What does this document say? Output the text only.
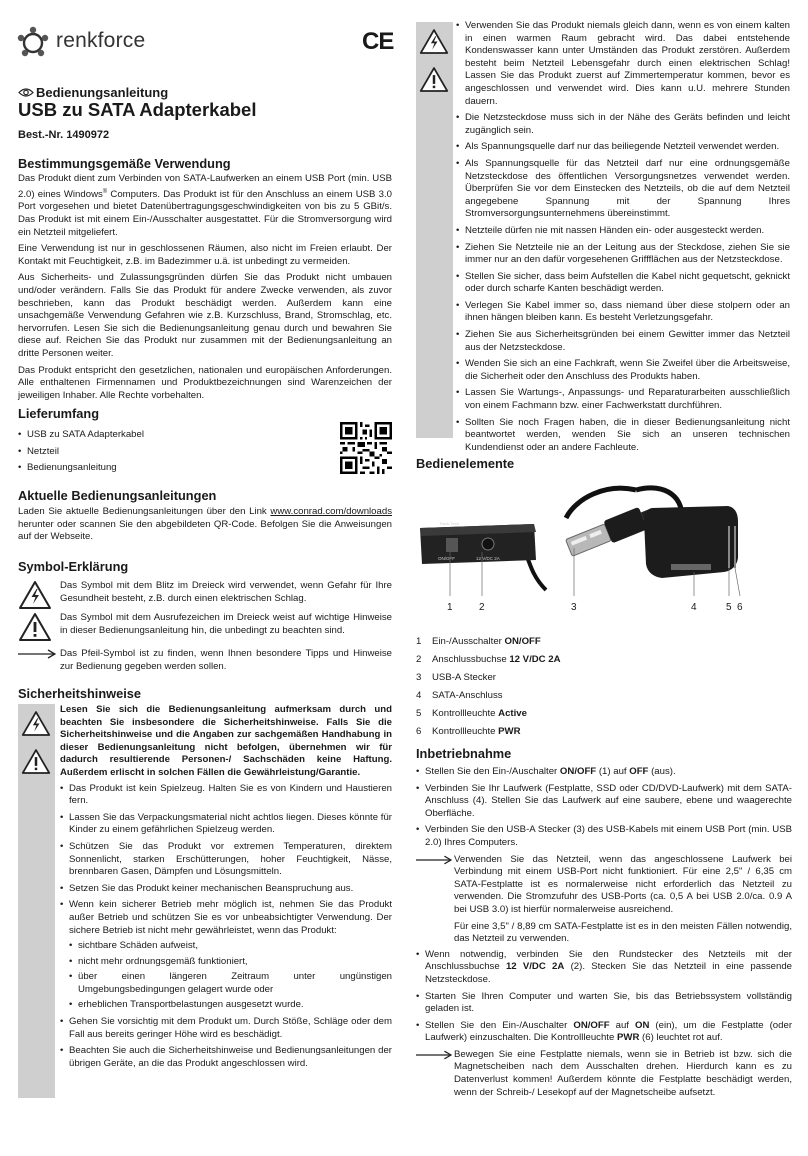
renkforce	CE
Bedienungsanleitung
USB zu SATA Adapterkabel
Best.-Nr. 1490972
Bestimmungsgemäße Verwendung

Das Produkt dient zum Verbinden von SATA-Laufwerken an einem USB Port (min. USB 2.0) eines Windows® Computers. Das Produkt ist für den Anschluss an einem USB 3.0 Port vorgesehen und bietet Datenübertragungsgeschwindigkeiten von bis zu 5 GBit/s. Das Produkt ist mit einem Ein-/Ausschalter ausgestattet. Für die Stromversorgung wird ein Netzteil mitgeliefert.

Eine Verwendung ist nur in geschlossenen Räumen, also nicht im Freien erlaubt. Der Kontakt mit Feuchtigkeit, z.B. im Badezimmer u.ä. ist unbedingt zu vermeiden.

Aus Sicherheits- und Zulassungsgründen dürfen Sie das Produkt nicht umbauen und/oder verändern. Falls Sie das Produkt für andere Zwecke verwenden, als zuvor beschrieben, kann das Produkt beschädigt werden. Außerdem kann eine unsachgemäße Verwendung Gefahren wie z.B. Kurzschluss, Brand, Stromschlag, etc. hervorrufen. Lesen Sie sich die Bedienungsanleitung genau durch und bewahren Sie diese auf. Reichen Sie das Produkt nur zusammen mit der Bedienungsanleitung an dritte Personen weiter.

Das Produkt entspricht den gesetzlichen, nationalen und europäischen Anforderungen. Alle enthaltenen Firmennamen und Produktbezeichnungen sind Warenzeichen der jeweiligen Inhaber. Alle Rechte vorbehalten.

Lieferumfang
• USB zu SATA Adapterkabel
• Netzteil
• Bedienungsanleitung
Aktuelle Bedienungsanleitungen

Laden Sie aktuelle Bedienungsanleitungen über den Link www.conrad.com/downloads herunter oder scannen Sie den abgebildeten QR-Code. Befolgen Sie die Anweisungen auf der Webseite.

Symbol-Erklärung

Das Symbol mit dem Blitz im Dreieck wird verwendet, wenn Gefahr für Ihre Gesundheit besteht, z.B. durch einen elektrischen Schlag.

Das Symbol mit dem Ausrufezeichen im Dreieck weist auf wichtige Hinweise in dieser Bedienungsanleitung hin, die unbedingt zu beachten sind.

Das Pfeil-Symbol ist zu finden, wenn Ihnen besondere Tipps und Hinweise zur Bedienung gegeben werden sollen.

Sicherheitshinweise

Lesen Sie sich die Bedienungsanleitung aufmerksam durch und beachten Sie insbesondere die Sicherheitshinweise. Falls Sie die Sicherheitshinweise und die Angaben zur sachgemäßen Handhabung in dieser Bedienungsanleitung nicht befolgen, übernehmen wir für dadurch resultierende Personen-/ Sachschäden keine Haftung. Außerdem erlischt in solchen Fällen die Gewährleistung/Garantie.

• Das Produkt ist kein Spielzeug. Halten Sie es von Kindern und Haustieren fern.
• Lassen Sie das Verpackungsmaterial nicht achtlos liegen. Dieses könnte für Kinder zu einem gefährlichen Spielzeug werden.
• Schützen Sie das Produkt vor extremen Temperaturen, direktem Sonnenlicht, starken Erschütterungen, hoher Feuchtigkeit, Nässe, brennbaren Gasen, Dämpfen und Lösungsmitteln.
• Setzen Sie das Produkt keiner mechanischen Beanspruchung aus.
• Wenn kein sicherer Betrieb mehr möglich ist, nehmen Sie das Produkt außer Betrieb und schützen Sie es vor unbeabsichtigter Verwendung. Der sichere Betrieb ist nicht mehr gewährleistet, wenn das Produkt:
• sichtbare Schäden aufweist,
• nicht mehr ordnungsgemäß funktioniert,
• über einen längeren Zeitraum unter ungünstigen Umgebungsbedingungen gelagert wurde oder
• erheblichen Transportbelastungen ausgesetzt wurde.
• Gehen Sie vorsichtig mit dem Produkt um. Durch Stöße, Schläge oder dem Fall aus bereits geringer Höhe wird es beschädigt.
• Beachten Sie auch die Sicherheitshinweise und Bedienungsanleitungen der übrigen Geräte, an die das Produkt angeschlossen wird.
• Verwenden Sie das Produkt niemals gleich dann, wenn es von einem kalten in einen warmen Raum gebracht wird. Das dabei entstehende Kondenswasser kann unter Umständen das Produkt zerstören. Außerdem besteht beim Netzteil Lebensgefahr durch einen elektrischen Schlag! Lassen Sie das Produkt zuerst auf Zimmertemperatur kommen, bevor es angeschlossen und verwendet wird. Dies kann u.U. mehrere Stunden dauern.
• Die Netzsteckdose muss sich in der Nähe des Geräts befinden und leicht zugänglich sein.
• Als Spannungsquelle darf nur das beiliegende Netzteil verwendet werden.
• Als Spannungsquelle für das Netzteil darf nur eine ordnungsgemäße Netzsteckdose des öffentlichen Versorgungsnetzes verwendet werden. Überprüfen Sie vor dem Einstecken des Netzteils, ob die auf dem Netzteil angegebene Spannung mit der Spannung Ihres Stromversorgungsunternehmens übereinstimmt.
• Netzteile dürfen nie mit nassen Händen ein- oder ausgesteckt werden.
• Ziehen Sie Netzteile nie an der Leitung aus der Steckdose, ziehen Sie sie immer nur an den dafür vorgesehenen Griffflächen aus der Netzsteckdose.
• Stellen Sie sicher, dass beim Aufstellen die Kabel nicht gequetscht, geknickt oder durch scharfe Kanten beschädigt werden.
• Verlegen Sie Kabel immer so, dass niemand über diese stolpern oder an ihnen hängen bleiben kann. Es besteht Verletzungsgefahr.
• Ziehen Sie aus Sicherheitsgründen bei einem Gewitter immer das Netzteil aus der Netzsteckdose.
• Wenden Sie sich an eine Fachkraft, wenn Sie Zweifel über die Arbeitsweise, die Sicherheit oder den Anschluss des Produkts haben.
• Lassen Sie Wartungs-, Anpassungs- und Reparaturarbeiten ausschließlich von einem Fachmann bzw. einer Fachwerkstatt durchführen.
• Sollten Sie noch Fragen haben, die in dieser Bedienungsanleitung nicht beantwortet werden, wenden Sie sich an unseren technischen Kundendienst oder an andere Fachleute.
Bedienelemente
ON/OFF	12 V/DC 2A
Rock-Tech
1	2	3	4	5 6
1 Ein-/Ausschalter ON/OFF
2 Anschlussbuchse 12 V/DC 2A
3 USB-A Stecker
4 SATA-Anschluss
5 Kontrollleuchte Active
6 Kontrollleuchte PWR
Inbetriebnahme
• Stellen Sie den Ein-/Auschalter ON/OFF (1) auf OFF (aus).
• Verbinden Sie Ihr Laufwerk (Festplatte, SSD oder CD/DVD-Laufwerk) mit dem SATA-Anschluss (4). Stellen Sie das Laufwerk auf eine saubere, ebene und waagerechte Oberfläche.
• Verbinden Sie den USB-A Stecker (3) des USB-Kabels mit einem USB Port (min. USB 2.0) Ihres Computers.

Verwenden Sie das Netzteil, wenn das angeschlossene Laufwerk bei Verbindung mit einem USB-Port nicht funktioniert. Für eine 2,5" / 6,35 cm SATA-Festplatte ist es normalerweise nicht erforderlich das Netzteil zu verwenden. Die Stromzufuhr des USB-Ports (ca. 0,5 A bei USB 2.0/ca. 0.9 A bei USB 3.0) ist hierfür normalerweise ausreichend.

Für eine 3,5" / 8,89 cm SATA-Festplatte ist es in den meisten Fällen notwendig, das Netzteil zu verwenden.

• Wenn notwendig, verbinden Sie den Rundstecker des Netzteils mit der Anschlussbuchse 12 V/DC 2A (2). Stecken Sie das Netzteil in eine passende Netzsteckdose.
• Starten Sie Ihren Computer und warten Sie, bis das Betriebssystem vollständig geladen ist.
• Stellen Sie den Ein-/Auschalter ON/OFF auf ON (ein), um die Festplatte (oder Laufwerk) einzuschalten. Die Kontrollleuchte PWR (6) leuchtet rot auf.

Bewegen Sie eine Festplatte niemals, wenn sie in Betrieb ist bzw. sich die Magnetscheiben nach dem Ausschalten drehen. Hierdurch kann es zu Datenverlust kommen! Außerdem könnte die Festplatte beschädigt werden, wenn der Schreib-/ Lesekopf auf der Magnetscheibe aufsetzt.
